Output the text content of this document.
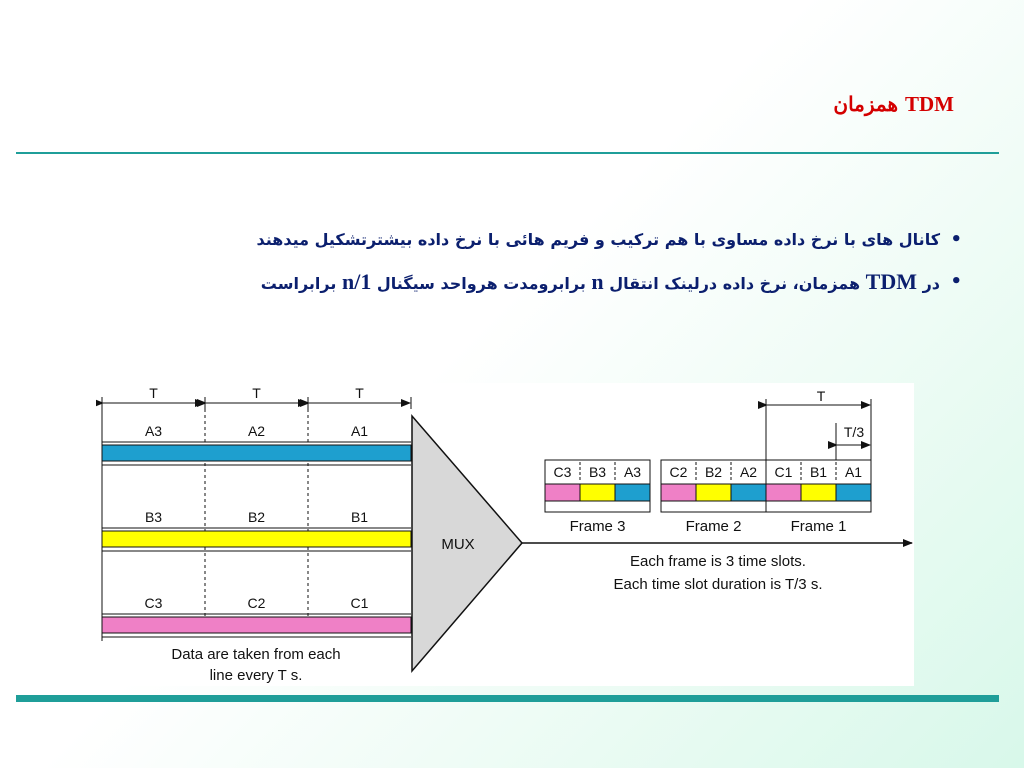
TDM همزمان
•
کانال های با نرخ داده مساوی با هم ترکیب و فریم هائی با نرخ داده بیشترتشکیل میدهند
•
در TDM همزمان، نرخ داده درلینک انتقال n برابرومدت هرواحد سیگنال 1/n برابراست
T	T	T
A3	A2	A1
B3	B2	B1
C3	C2	C1
Data are taken from each
line every T s.
MUX
C3 B3 A3
Frame 3
C2 B2 A2
Frame 2
C1 B1 A1
Frame 1
T
T/3
Each frame is 3 time slots.
Each time slot duration is T/3 s.
